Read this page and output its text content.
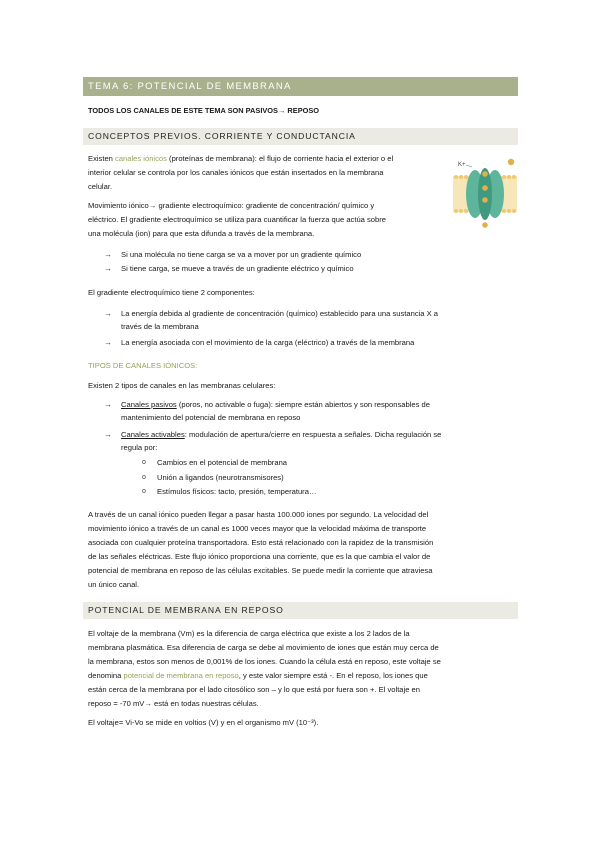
TEMA 6: POTENCIAL DE MEMBRANA
TODOS LOS CANALES DE ESTE TEMA SON PASIVOS→ REPOSO
CONCEPTOS PREVIOS. CORRIENTE Y CONDUCTANCIA
Existen canales iónicos (proteínas de membrana): el flujo de corriente hacia el exterior o el
interior celular se controla por los canales iónicos que están insertados en la membrana
celular.
Movimiento iónico→ gradiente electroquímico: gradiente de concentración/ químico y
eléctrico. El gradiente electroquímico se utiliza para cuantificar la fuerza que actúa sobre
una molécula (ion) para que esta difunda a través de la membrana.
K+
→ Si una molécula no tiene carga se va a mover por un gradiente químico
→ Si tiene carga, se mueve a través de un gradiente eléctrico y químico
El gradiente electroquímico tiene 2 componentes:
→ La energía debida al gradiente de concentración (químico) establecido para una sustancia X a
través de la membrana
→ La energía asociada con el movimiento de la carga (eléctrico) a través de la membrana
TIPOS DE CANALES IÓNICOS:
Existen 2 tipos de canales en las membranas celulares:
→ Canales pasivos (poros, no activable o fuga): siempre están abiertos y son responsables de
mantenimiento del potencial de membrana en reposo
→ Canales activables: modulación de apertura/cierre en respuesta a señales. Dicha regulación se
regula por:
o Cambios en el potencial de membrana
o Unión a ligandos (neurotransmisores)
o Estímulos físicos: tacto, presión, temperatura…
A través de un canal iónico pueden llegar a pasar hasta 100.000 iones por segundo. La velocidad del
movimiento iónico a través de un canal es 1000 veces mayor que la velocidad máxima de transporte
asociada con cualquier proteína transportadora. Esto está relacionado con la rapidez de la transmisión
de las señales eléctricas. Este flujo iónico proporciona una corriente, que es la que cambia el valor de
potencial de membrana en reposo de las células excitables. Se puede medir la corriente que atraviesa
un único canal.
POTENCIAL DE MEMBRANA EN REPOSO
El voltaje de la membrana (Vm) es la diferencia de carga eléctrica que existe a los 2 lados de la
membrana plasmática. Esa diferencia de carga se debe al movimiento de iones que están muy cerca de
la membrana, estos son menos de 0,001% de los iones. Cuando la célula está en reposo, este voltaje se
denomina potencial de membrana en reposo, y este valor siempre está -. En el reposo, los iones que
están cerca de la membrana por el lado citosólico son – y lo que está por fuera son +. El voltaje en
reposo = -70 mV→ está en todas nuestras células.
El voltaje= Vi-Vo se mide en voltios (V) y en el organismo mV (10⁻³).
